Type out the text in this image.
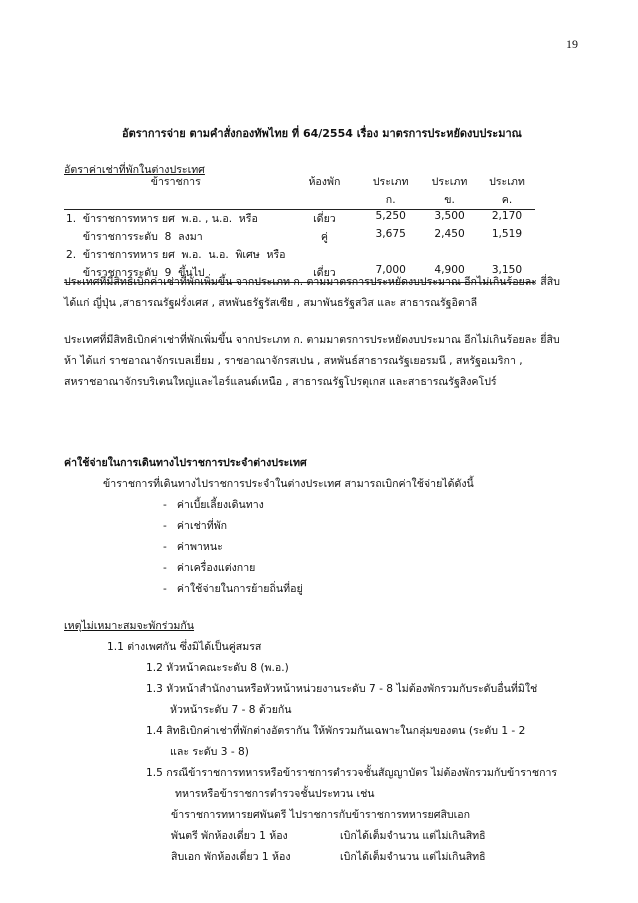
19
อัตราการจ่าย ตามคำสั่งกองทัพไทย ที่ 64/2554 เรื่อง มาตรการประหยัดงบประมาณ
อัตราค่าเช่าที่พักในต่างประเทศ
ข้าราชการ	ห้องพัก	ประเภท	ประเภท	ประเภท
		ก.	ข.	ค.
1.  ข้าราชการทหาร ยศ  พ.อ. , น.อ.  หรือ	เดี่ยว	5,250	3,500	2,170
ข้าราชการระดับ  8  ลงมา	คู่	3,675	2,450	1,519
2.  ข้าราชการทหาร ยศ  พ.อ.  น.อ.  พิเศษ  หรือ				
ข้าราชการระดับ  9  ขึ้นไป	เดี่ยว	7,000	4,900	3,150
ประเทศที่มีสิทธิเบิกค่าเช่าที่พักเพิ่มขึ้น จากประเภท ก. ตามมาตรการประหยัดงบประมาณ อีกไม่เกินร้อยละ สี่สิบ
ได้แก่ ญี่ปุ่น ,สาธารณรัฐฝรั่งเศส , สหพันธรัฐรัสเซีย , สมาพันธรัฐสวิส และ สาธารณรัฐอิตาลี
ประเทศที่มีสิทธิเบิกค่าเช่าที่พักเพิ่มขึ้น จากประเภท ก. ตามมาตรการประหยัดงบประมาณ อีกไม่เกินร้อยละ ยี่สิบ
ห้า ได้แก่ ราชอาณาจักรเบลเยี่ยม , ราชอาณาจักรสเปน , สหพันธ์สาธารณรัฐเยอรมนี , สหรัฐอเมริกา ,
สหราชอาณาจักรบริเตนใหญ่และไอร์แลนด์เหนือ , สาธารณรัฐโปรตุเกส และสาธารณรัฐสิงคโปร์
ค่าใช้จ่ายในการเดินทางไปราชการประจำต่างประเทศ
ข้าราชการที่เดินทางไปราชการประจำในต่างประเทศ สามารถเบิกค่าใช้จ่ายได้ดังนี้
-   ค่าเบี้ยเลี้ยงเดินทาง
-   ค่าเช่าที่พัก
-   ค่าพาหนะ
-   ค่าเครื่องแต่งกาย
-   ค่าใช้จ่ายในการย้ายถิ่นที่อยู่
เหตุไม่เหมาะสมจะพักร่วมกัน
1.1 ต่างเพศกัน ซึ่งมิได้เป็นคู่สมรส
1.2 หัวหน้าคณะระดับ 8 (พ.อ.)
1.3 หัวหน้าสำนักงานหรือหัวหน้าหน่วยงานระดับ 7 - 8 ไม่ต้องพักรวมกับระดับอื่นที่มิใช่
หัวหน้าระดับ 7 - 8 ด้วยกัน
1.4 สิทธิเบิกค่าเช่าที่พักต่างอัตรากัน ให้พักรวมกันเฉพาะในกลุ่มของตน (ระดับ 1 - 2
และ ระดับ 3 - 8)
1.5 กรณีข้าราชการทหารหรือข้าราชการตำรวจชั้นสัญญาบัตร ไม่ต้องพักรวมกับข้าราชการ
ทหารหรือข้าราชการตำรวจชั้นประทวน เช่น
ข้าราชการทหารยศพันตรี ไปราชการกับข้าราชการทหารยศสิบเอก
พันตรี พักห้องเดี่ยว 1 ห้อง	เบิกได้เต็มจำนวน แต่ไม่เกินสิทธิ
สิบเอก พักห้องเดี่ยว 1 ห้อง	เบิกได้เต็มจำนวน แต่ไม่เกินสิทธิ
